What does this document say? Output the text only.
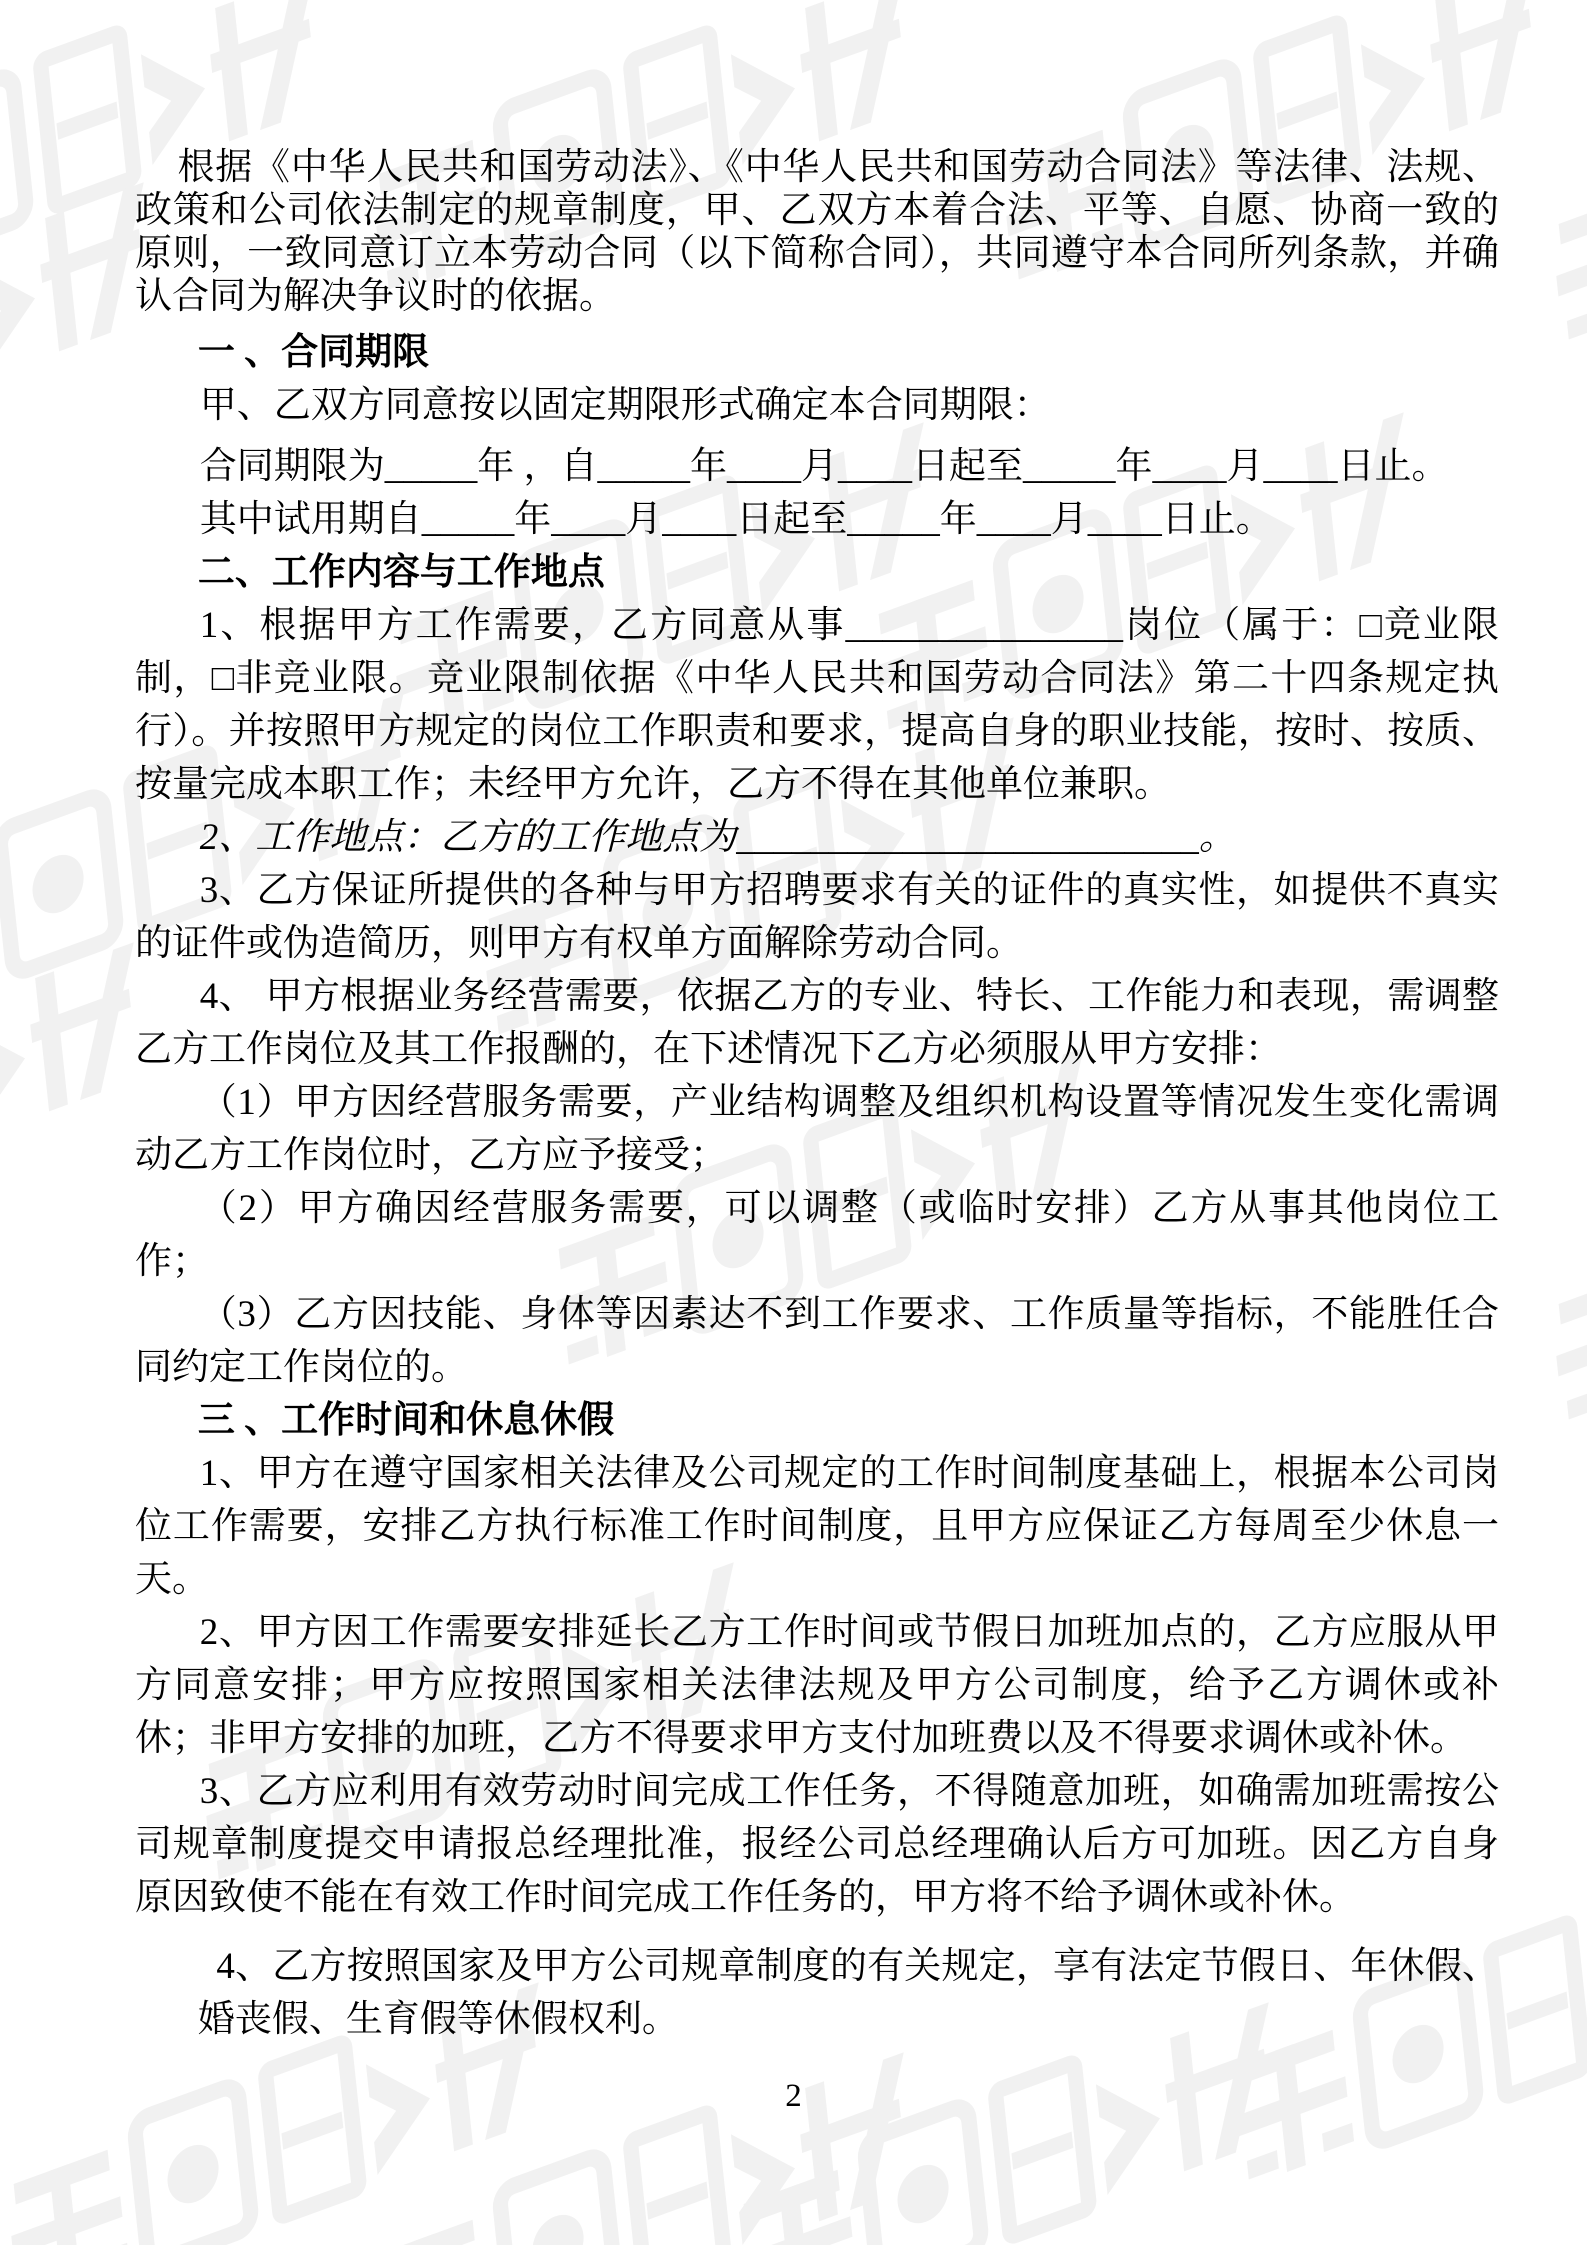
根据《中华人民共和国劳动法》、《中华人民共和国劳动合同法》等法律、法规、政策和公司依法制定的规章制度，甲、乙双方本着合法、平等、自愿、协商一致的原则，一致同意订立本劳动合同（以下简称合同），共同遵守本合同所列条款，并确认合同为解决争议时的依据。

一 、合同期限

甲、乙双方同意按以固定期限形式确定本合同期限：

合同期限为_____年 ，自_____年____月____日起至_____年____月____日止。

其中试用期自_____年____月____日起至_____年____月____日止。

二、工作内容与工作地点

1、根据甲方工作需要，乙方同意从事_______________岗位（属于：□竞业限制，□非竞业限。竞业限制依据《中华人民共和国劳动合同法》第二十四条规定执行）。并按照甲方规定的岗位工作职责和要求，提高自身的职业技能，按时、按质、按量完成本职工作；未经甲方允许，乙方不得在其他单位兼职。

2、工作地点：乙方的工作地点为_________________________。

3、乙方保证所提供的各种与甲方招聘要求有关的证件的真实性，如提供不真实的证件或伪造简历，则甲方有权单方面解除劳动合同。

4、 甲方根据业务经营需要，依据乙方的专业、特长、工作能力和表现，需调整乙方工作岗位及其工作报酬的，在下述情况下乙方必须服从甲方安排：

（1）甲方因经营服务需要，产业结构调整及组织机构设置等情况发生变化需调动乙方工作岗位时，乙方应予接受；

（2）甲方确因经营服务需要，可以调整（或临时安排）乙方从事其他岗位工作；

（3）乙方因技能、身体等因素达不到工作要求、工作质量等指标，不能胜任合同约定工作岗位的。

三 、工作时间和休息休假

1、甲方在遵守国家相关法律及公司规定的工作时间制度基础上，根据本公司岗位工作需要，安排乙方执行标准工作时间制度，且甲方应保证乙方每周至少休息一天。

2、甲方因工作需要安排延长乙方工作时间或节假日加班加点的，乙方应服从甲方同意安排；甲方应按照国家相关法律法规及甲方公司制度，给予乙方调休或补休；非甲方安排的加班，乙方不得要求甲方支付加班费以及不得要求调休或补休。

3、乙方应利用有效劳动时间完成工作任务，不得随意加班，如确需加班需按公司规章制度提交申请报总经理批准，报经公司总经理确认后方可加班。因乙方自身原因致使不能在有效工作时间完成工作任务的，甲方将不给予调休或补休。

4、乙方按照国家及甲方公司规章制度的有关规定，享有法定节假日、年休假、婚丧假、生育假等休假权利。

2
